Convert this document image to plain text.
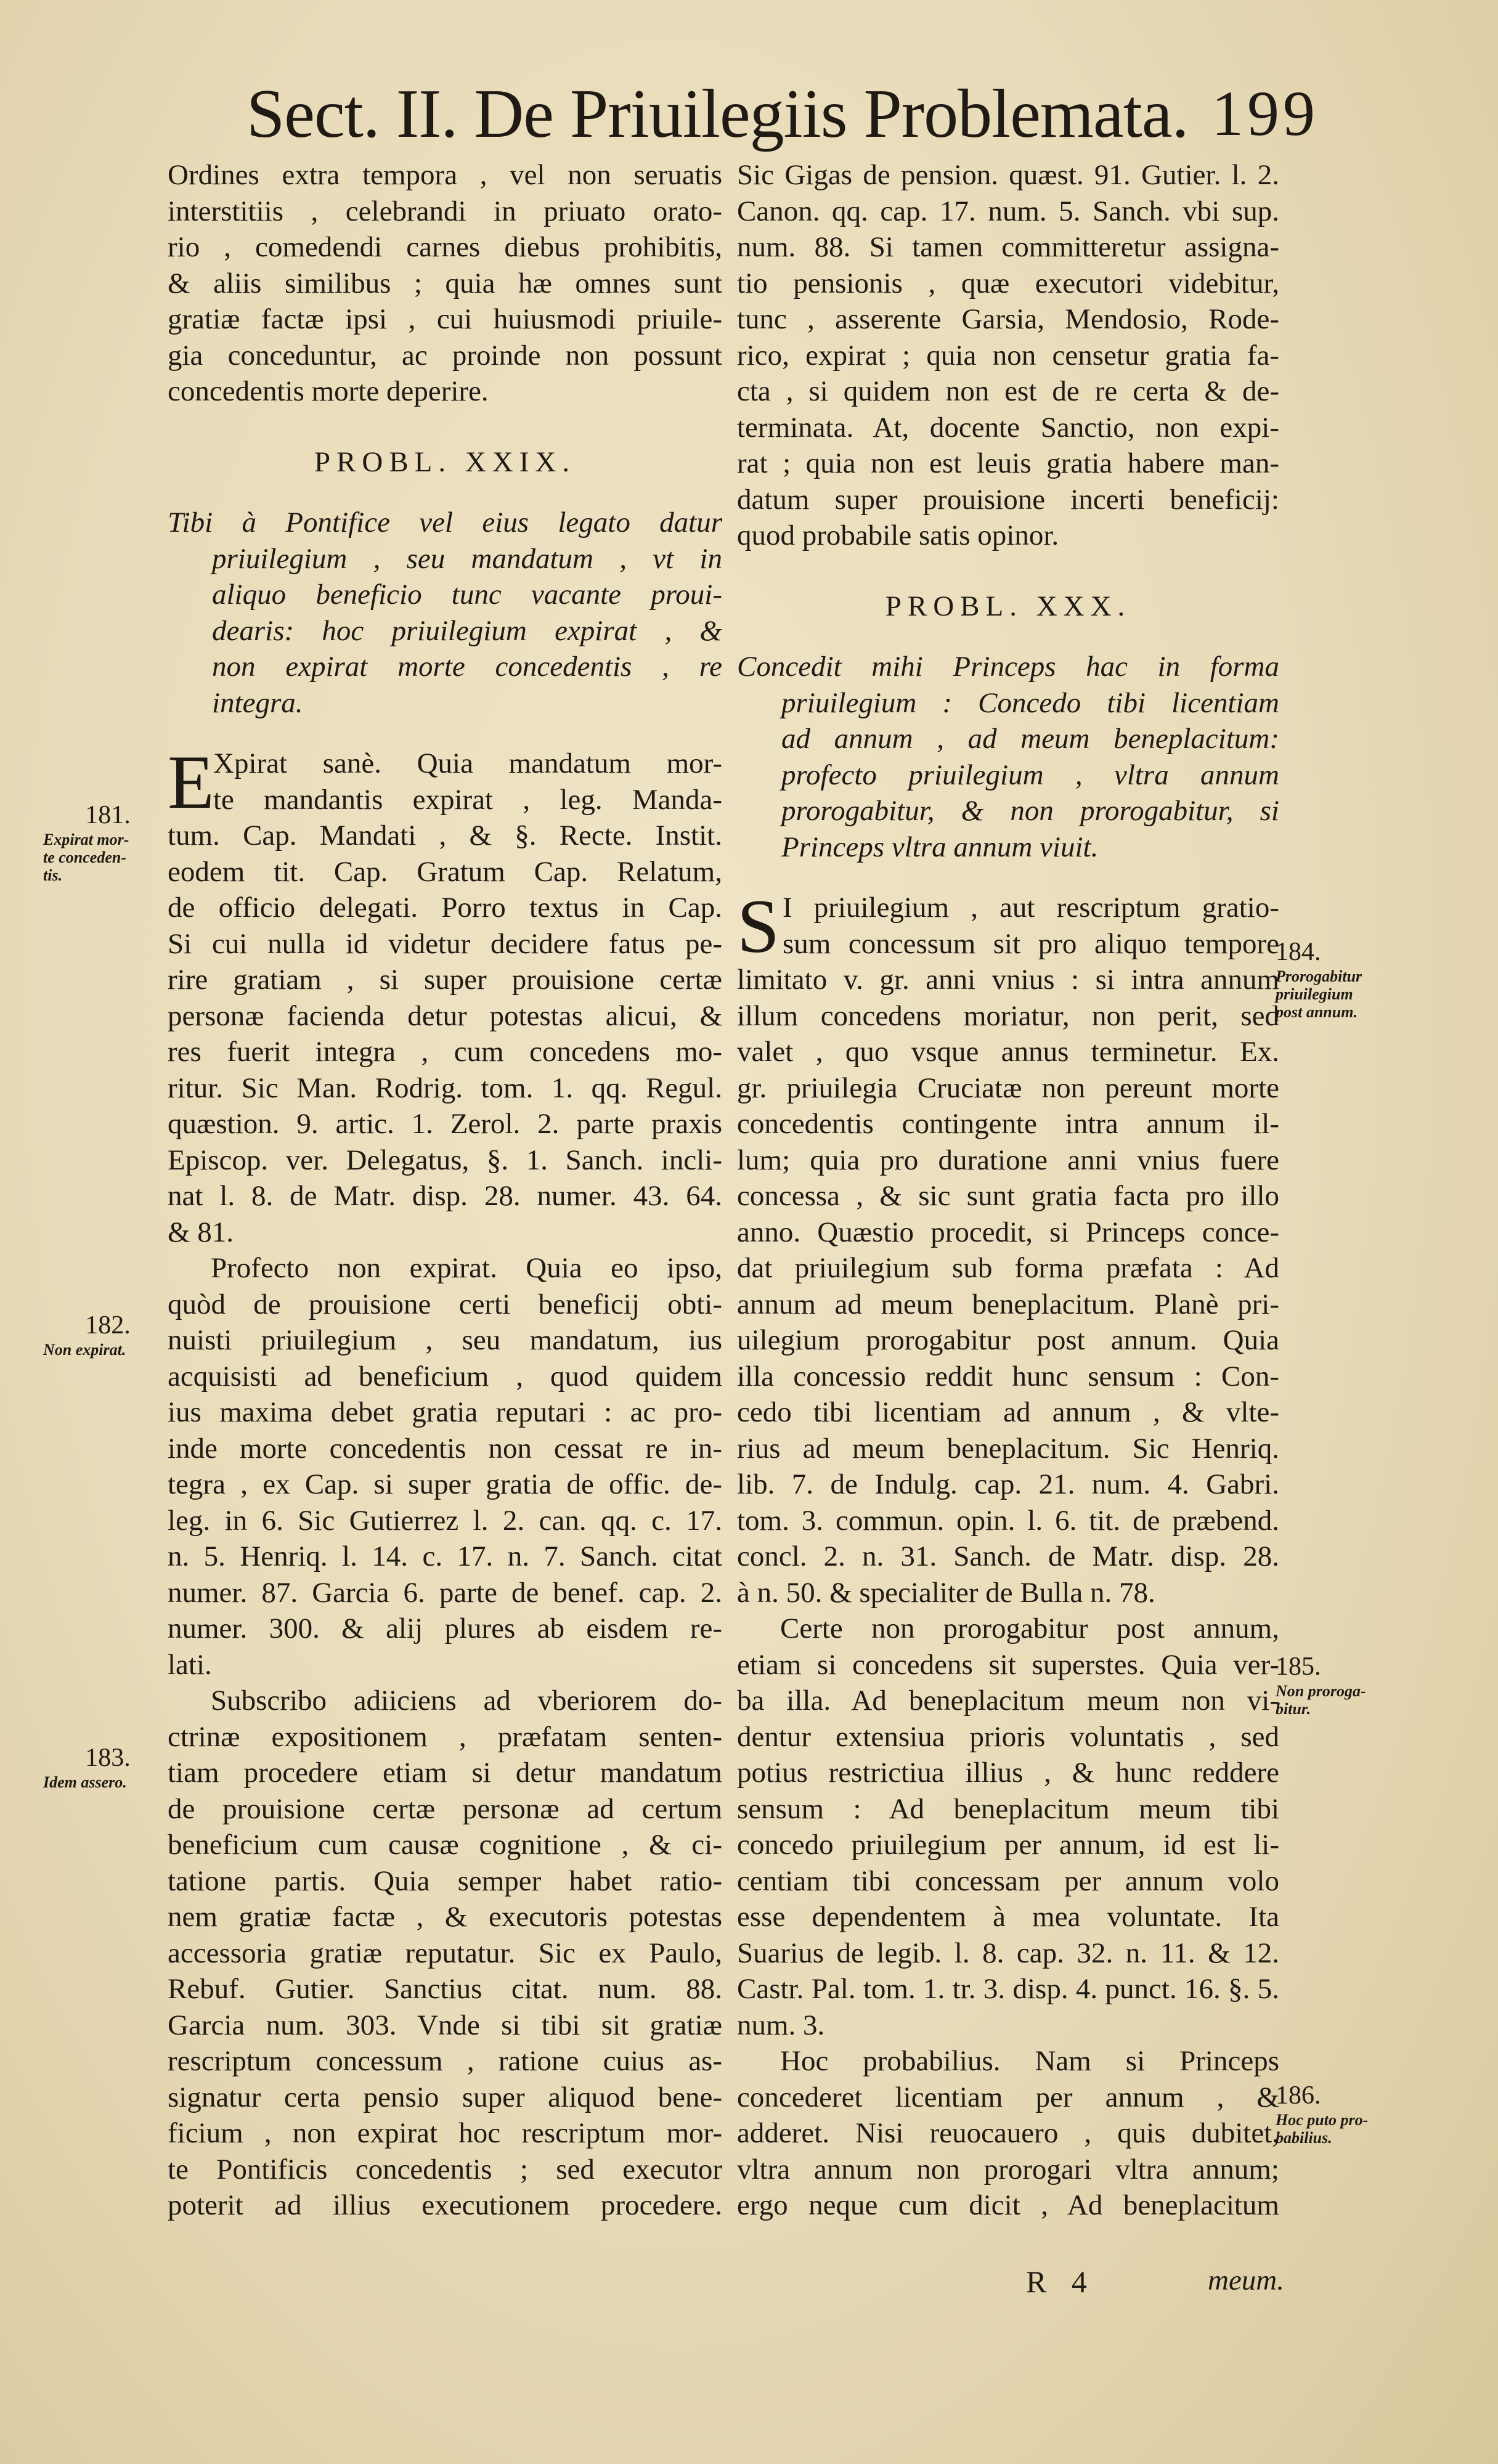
Sect. II. De Priuilegiis Problemata. 199
Ordines extra tempora , vel non seruatis
interstitiis , celebrandi in priuato orato-
rio , comedendi carnes diebus prohibitis,
& aliis similibus ; quia hæ omnes sunt
gratiæ factæ ipsi , cui huiusmodi priuile-
gia conceduntur, ac proinde non possunt
concedentis morte deperire.
PROBL. XXIX.
Tibi à Pontifice vel eius legato datur
priuilegium , seu mandatum , vt in
aliquo beneficio tunc vacante proui-
dearis: hoc priuilegium expirat , &
non expirat morte concedentis , re
integra.
E
Xpirat sanè. Quia mandatum mor-
te mandantis expirat , leg. Manda-
tum. Cap. Mandati , & §. Recte. Instit.
eodem tit. Cap. Gratum Cap. Relatum,
de officio delegati. Porro textus in Cap.
Si cui nulla id videtur decidere fatus pe-
rire gratiam , si super prouisione certæ
personæ facienda detur potestas alicui, &
res fuerit integra , cum concedens mo-
ritur. Sic Man. Rodrig. tom. 1. qq. Regul.
quæstion. 9. artic. 1. Zerol. 2. parte praxis
Episcop. ver. Delegatus, §. 1. Sanch. incli-
nat l. 8. de Matr. disp. 28. numer. 43. 64.
& 81.
Profecto non expirat. Quia eo ipso,
quòd de prouisione certi beneficij obti-
nuisti priuilegium , seu mandatum, ius
acquisisti ad beneficium , quod quidem
ius maxima debet gratia reputari : ac pro-
inde morte concedentis non cessat re in-
tegra , ex Cap. si super gratia de offic. de-
leg. in 6. Sic Gutierrez l. 2. can. qq. c. 17.
n. 5. Henriq. l. 14. c. 17. n. 7. Sanch. citat
numer. 87. Garcia 6. parte de benef. cap. 2.
numer. 300. & alij plures ab eisdem re-
lati.
Subscribo adiiciens ad vberiorem do-
ctrinæ expositionem , præfatam senten-
tiam procedere etiam si detur mandatum
de prouisione certæ personæ ad certum
beneficium cum causæ cognitione , & ci-
tatione partis. Quia semper habet ratio-
nem gratiæ factæ , & executoris potestas
accessoria gratiæ reputatur. Sic ex Paulo,
Rebuf. Gutier. Sanctius citat. num. 88.
Garcia num. 303. Vnde si tibi sit gratiæ
rescriptum concessum , ratione cuius as-
signatur certa pensio super aliquod bene-
ficium , non expirat hoc rescriptum mor-
te Pontificis concedentis ; sed executor
poterit ad illius executionem procedere.
Sic Gigas de pension. quæst. 91. Gutier. l. 2.
Canon. qq. cap. 17. num. 5. Sanch. vbi sup.
num. 88. Si tamen committeretur assigna-
tio pensionis , quæ executori videbitur,
tunc , asserente Garsia, Mendosio, Rode-
rico, expirat ; quia non censetur gratia fa-
cta , si quidem non est de re certa & de-
terminata. At, docente Sanctio, non expi-
rat ; quia non est leuis gratia habere man-
datum super prouisione incerti beneficij:
quod probabile satis opinor.
PROBL. XXX.
Concedit mihi Princeps hac in forma
priuilegium : Concedo tibi licentiam
ad annum , ad meum beneplacitum:
profecto priuilegium , vltra annum
prorogabitur, & non prorogabitur, si
Princeps vltra annum viuit.
S I priuilegium , aut rescriptum gratio-
sum concessum sit pro aliquo tempore
limitato v. gr. anni vnius : si intra annum
illum concedens moriatur, non perit, sed
valet , quo vsque annus terminetur. Ex.
gr. priuilegia Cruciatæ non pereunt morte
concedentis contingente intra annum il-
lum; quia pro duratione anni vnius fuere
concessa , & sic sunt gratia facta pro illo
anno. Quæstio procedit, si Princeps conce-
dat priuilegium sub forma præfata : Ad
annum ad meum beneplacitum. Planè pri-
uilegium prorogabitur post annum. Quia
illa concessio reddit hunc sensum : Con-
cedo tibi licentiam ad annum , & vlte-
rius ad meum beneplacitum. Sic Henriq.
lib. 7. de Indulg. cap. 21. num. 4. Gabri.
tom. 3. commun. opin. l. 6. tit. de præbend.
concl. 2. n. 31. Sanch. de Matr. disp. 28.
à n. 50. & specialiter de Bulla n. 78.
Certe non prorogabitur post annum,
etiam si concedens sit superstes. Quia ver-
ba illa. Ad beneplacitum meum non vi-
dentur extensiua prioris voluntatis , sed
potius restrictiua illius , & hunc reddere
sensum : Ad beneplacitum meum tibi
concedo priuilegium per annum, id est li-
centiam tibi concessam per annum volo
esse dependentem à mea voluntate. Ita
Suarius de legib. l. 8. cap. 32. n. 11. & 12.
Castr. Pal. tom. 1. tr. 3. disp. 4. punct. 16. §. 5.
num. 3.
Hoc probabilius. Nam si Princeps
concederet licentiam per annum , &
adderet. Nisi reuocauero , quis dubitet,
vltra annum non prorogari vltra annum;
ergo neque cum dicit , Ad beneplacitum
181.
Expirat mor-
te conceden-
tis.
182.
Non expirat.
183.
Idem assero.
184.
Prorogabitur
priuilegium
post annum.
185.
Non proroga-
bitur.
186.
Hoc puto pro-
babilius.
R 4	meum.
